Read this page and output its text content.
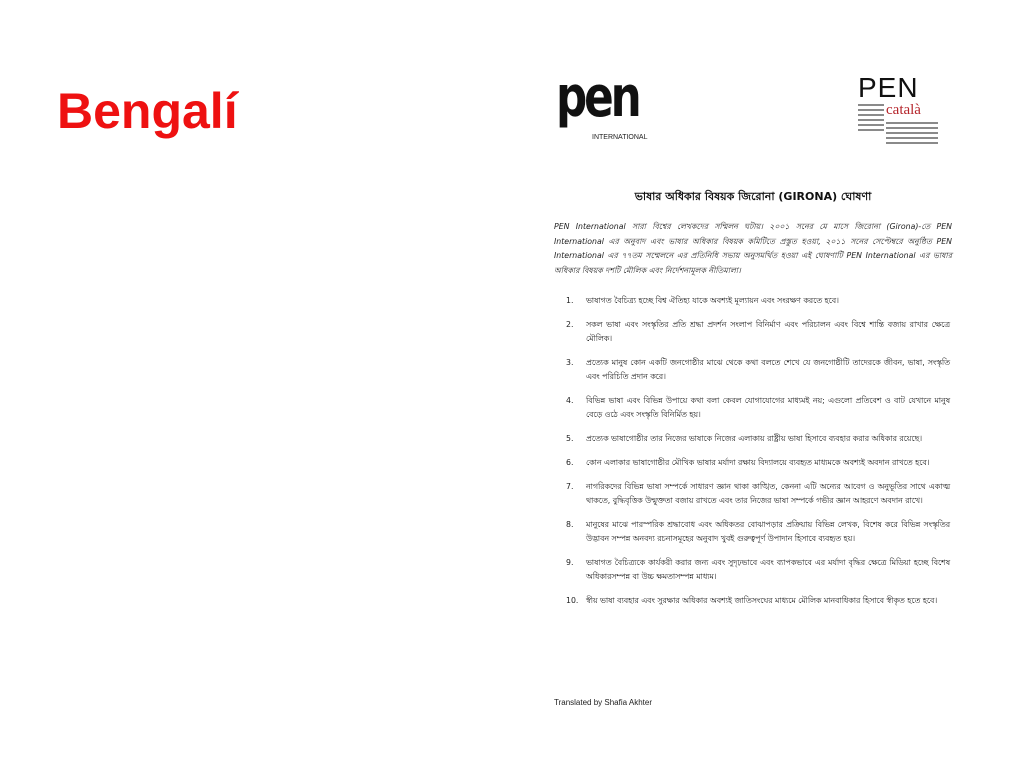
Bengalí	pen
INTERNATIONAL
PEN
català
ভাষার অধিকার বিষয়ক জিরোনা (GIRONA) ঘোষণা

PEN International সারা বিশ্বের লেখকদের সম্মিলন ঘটায়। ২০০১ সনের মে মাসে জিরোনা (Girona)-তে PEN International এর অনুবাদ এবং ভাষার অধিকার বিষয়ক কমিটিতে প্রস্তুত হওয়া, ২০১১ সনের সেপ্টেম্বরে অনুষ্ঠিত PEN International এর ৭৭তম সম্মেলনে এর প্রতিনিধি সভায় অনুসমর্থিত হওয়া এই ঘোষণাটি PEN International এর ভাষার অধিকার বিষয়ক দশটি মৌলিক এবং নির্দেশনামূলক নীতিমালা।

1.	ভাষাগত বৈচিত্র্য হচ্ছে বিশ্ব ঐতিহ্য যাকে অবশ্যই মূল্যায়ন এবং সংরক্ষণ করতে হবে।
2.	সকল ভাষা এবং সংস্কৃতির প্রতি শ্রদ্ধা প্রদর্শন সংলাপ বিনির্মাণ এবং পরিচালন এবং বিশ্বে শান্তি বজায় রাখার ক্ষেত্রে মৌলিক।
3.	প্রত্যেক মানুষ কোন একটি জনগোষ্ঠীর মাঝে থেকে কথা বলতে শেখে যে জনগোষ্ঠীটি তাদেরকে জীবন, ভাষা, সংস্কৃতি এবং পরিচিতি প্রদান করে।
4.	বিভিন্ন ভাষা এবং বিভিন্ন উপায়ে কথা বলা কেবল যোগাযোগের মাধ্যমই নয়; এগুলো প্রতিবেশ ও বাট যেখানে মানুষ বেড়ে ওঠে এবং সংস্কৃতি বিনির্মিত হয়।
5.	প্রত্যেক ভাষাগোষ্ঠীর তার নিজের ভাষাকে নিজের এলাকায় রাষ্ট্রীয় ভাষা হিসাবে ব্যবহার করার অধিকার রয়েছে।
6.	কোন এলাকার ভাষাগোষ্ঠীর মৌখিক ভাষার মর্যাদা রক্ষায় বিদ্যালয়ে ব্যবহৃত মাধ্যমকে অবশ্যই অবদান রাখতে হবে।
7.	নাগরিকদের বিভিন্ন ভাষা সম্পর্কে সাধারণ জ্ঞান থাকা কাঙ্খিত, কেননা এটি অন্যের আবেগ ও অনুভূতির সাথে একাত্ম থাকতে, বুদ্ধিবৃত্তিক উন্মুক্ততা বজায় রাখতে এবং তার নিজের ভাষা সম্পর্কে গভীর জ্ঞান আহরণে অবদান রাখে।
8.	মানুষের মাঝে পারস্পরিক শ্রদ্ধাবোধ এবং অধিকতর বোঝাপড়ার প্রক্রিয়ায় বিভিন্ন লেখক, বিশেষ করে বিভিন্ন সংস্কৃতির উদ্ভাবন সম্পন্ন অনবদ্য রচনাসমূহের অনুবাদ খুবই গুরুত্বপূর্ণ উপাদান হিসাবে ব্যবহৃত হয়।
9.	ভাষাগত বৈচিত্র্যকে কার্যকরী করার জন্য এবং সুদৃঢ়ভাবে এবং ব্যাপকভাবে এর মর্যাদা বৃদ্ধির ক্ষেত্রে মিডিয়া হচ্ছে বিশেষ অধিকারসম্পন্ন বা উচ্চ ক্ষমতাসম্পন্ন মাধ্যম।
10. স্বীয় ভাষা ব্যবহার এবং সুরক্ষার অধিকার অবশ্যই জাতিসংঘের মাধ্যমে মৌলিক মানবাধিকার হিসাবে স্বীকৃত হতে হবে।

Translated by Shafia Akhter
